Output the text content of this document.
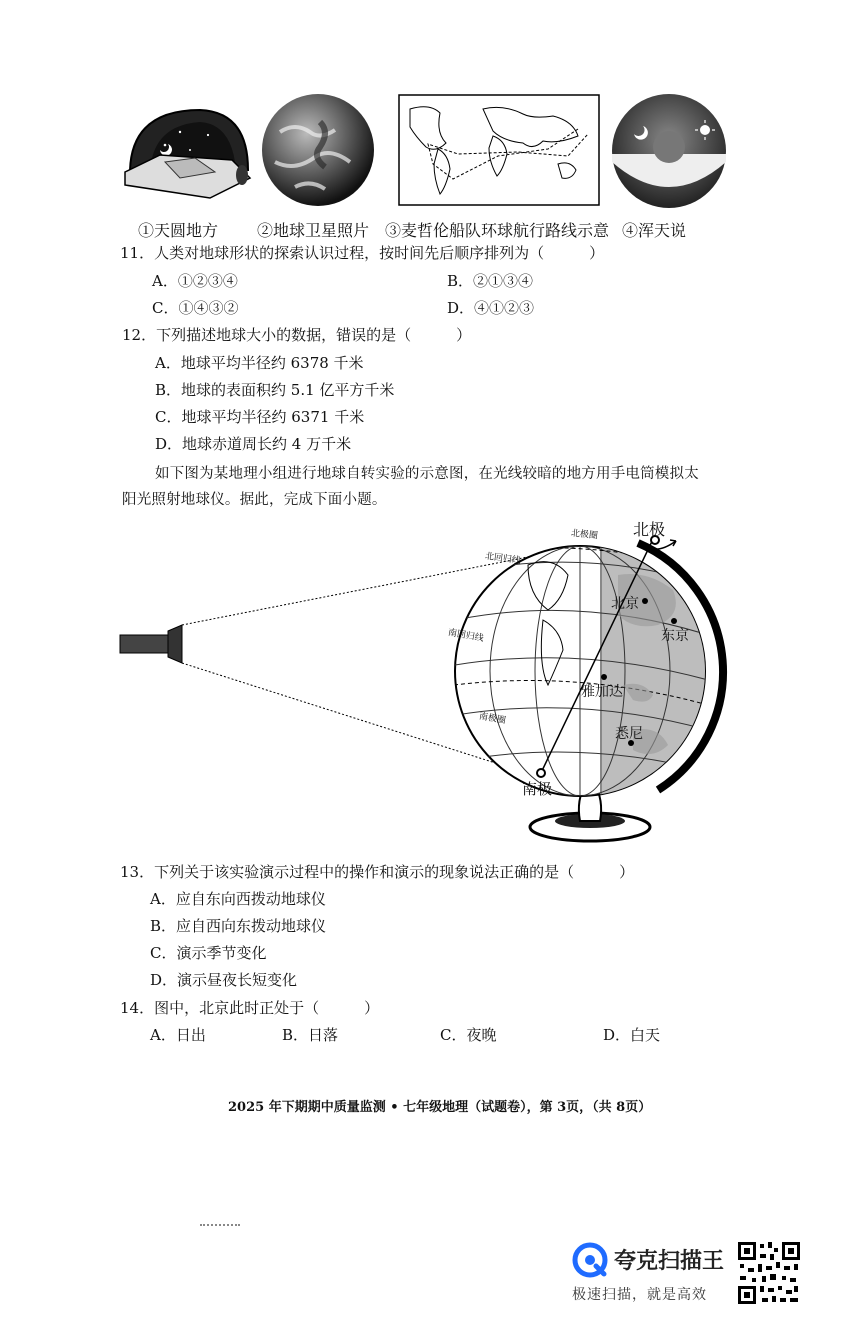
①天圆地方 ②地球卫星照片 ③麦哲伦船队环球航行路线示意 ④浑天说
11．人类对地球形状的探索认识过程，按时间先后顺序排列为（　　　）
A．①②③④	B．②①③④
C．①④③②	D．④①②③
12．下列描述地球大小的数据，错误的是（　　　）
A．地球平均半径约 6378 千米
B．地球的表面积约 5.1 亿平方千米
C．地球平均半径约 6371 千米
D．地球赤道周长约 4 万千米
如下图为某地理小组进行地球自转实验的示意图，在光线较暗的地方用手电筒模拟太
阳光照射地球仪。据此，完成下面小题。
北极
南极
北极圈
北回归线
南回归线
南极圈
北京
东京
雅加达
悉尼
13．下列关于该实验演示过程中的操作和演示的现象说法正确的是（　　　）
A．应自东向西拨动地球仪
B．应自西向东拨动地球仪
C．演示季节变化
D．演示昼夜长短变化
14．图中，北京此时正处于（　　　）
A．日出	B．日落	C．夜晚	D．白天
2025 年下期期中质量监测 • 七年级地理（试题卷），第 3页，（共 8页）
夸克扫描王
极速扫描，就是高效
